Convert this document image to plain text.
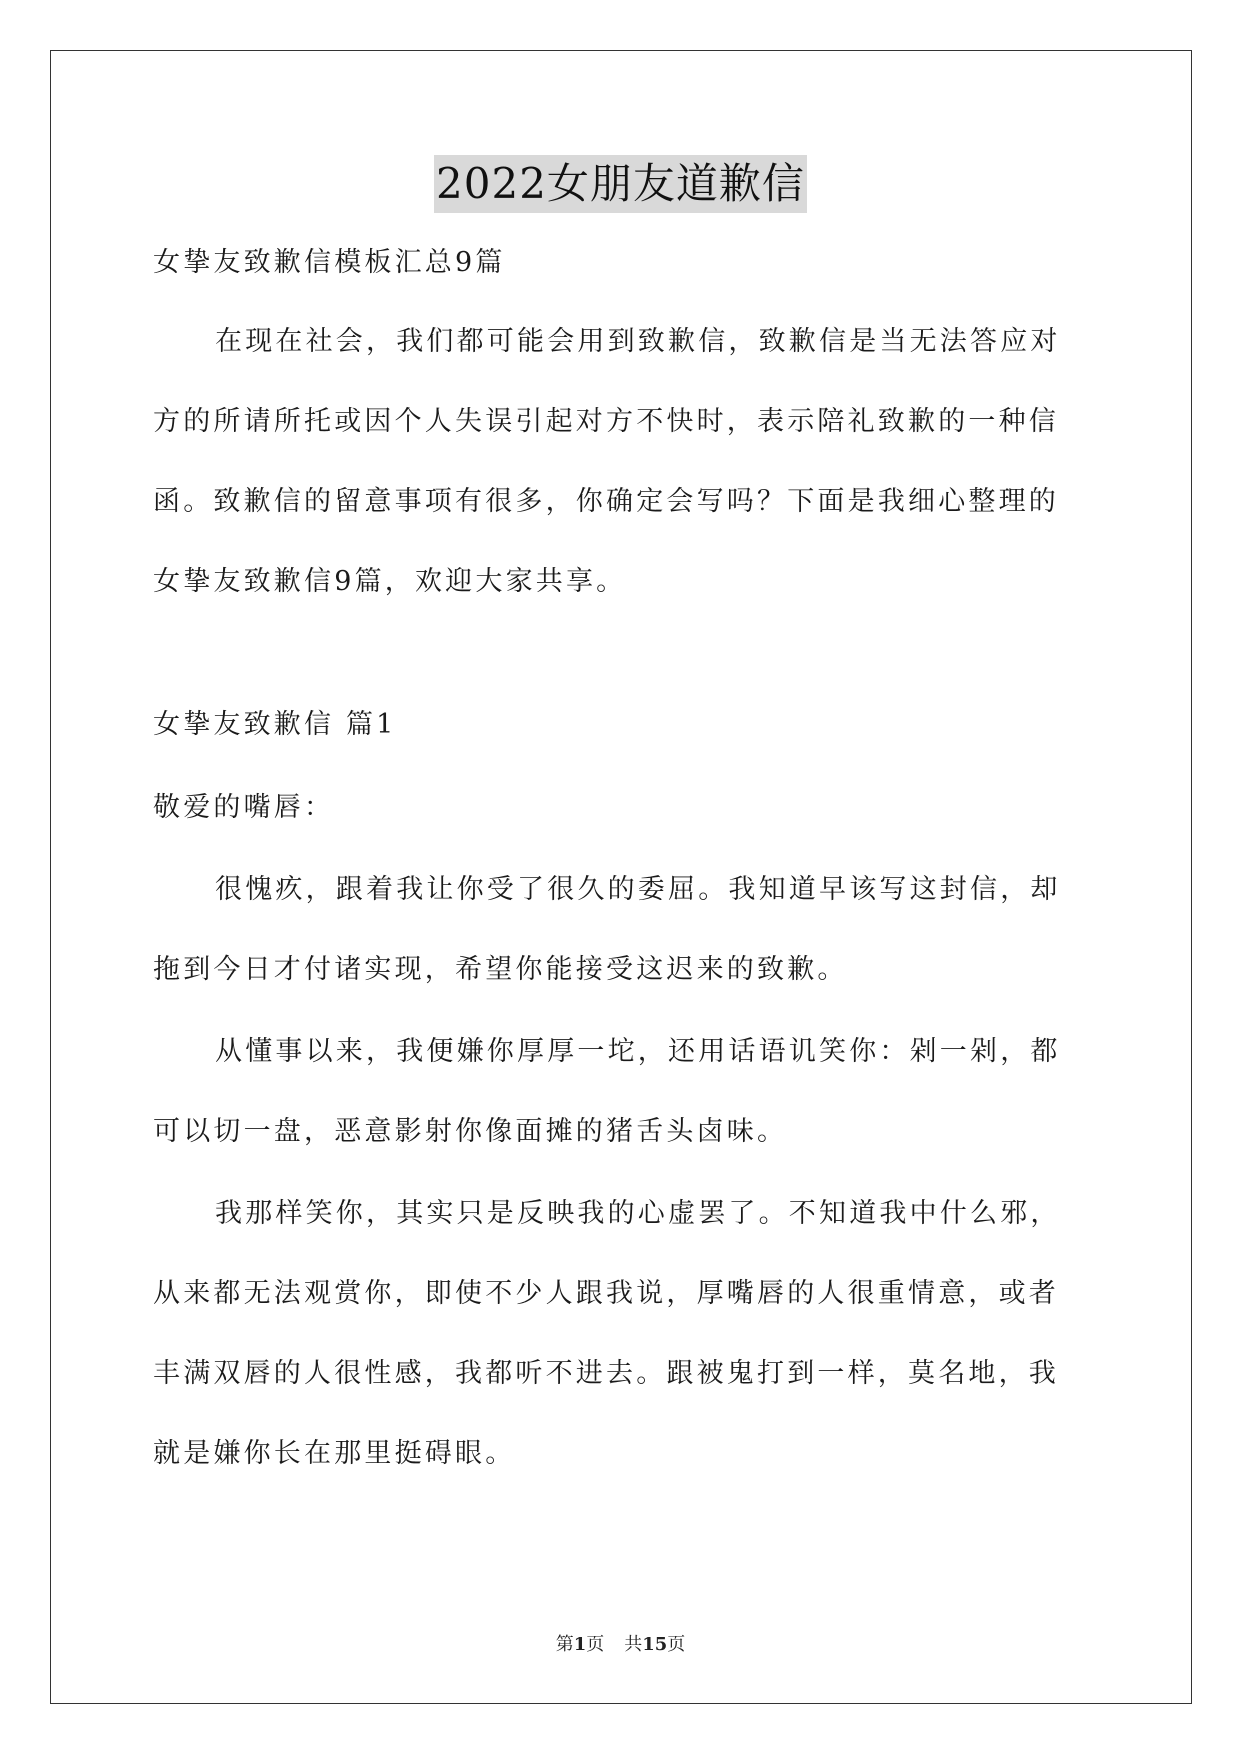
2022女朋友道歉信

女挚友致歉信模板汇总9篇

在现在社会，我们都可能会用到致歉信，致歉信是当无法答应对

方的所请所托或因个人失误引起对方不快时，表示陪礼致歉的一种信

函。致歉信的留意事项有很多，你确定会写吗？下面是我细心整理的

女挚友致歉信9篇，欢迎大家共享。

女挚友致歉信 篇1

敬爱的嘴唇：

很愧疚，跟着我让你受了很久的委屈。我知道早该写这封信，却

拖到今日才付诸实现，希望你能接受这迟来的致歉。

从懂事以来，我便嫌你厚厚一坨，还用话语讥笑你：剁一剁，都

可以切一盘，恶意影射你像面摊的猪舌头卤味。

我那样笑你，其实只是反映我的心虚罢了。不知道我中什么邪，

从来都无法观赏你，即使不少人跟我说，厚嘴唇的人很重情意，或者

丰满双唇的人很性感，我都听不进去。跟被鬼打到一样，莫名地，我

就是嫌你长在那里挺碍眼。

第1页 共15页
